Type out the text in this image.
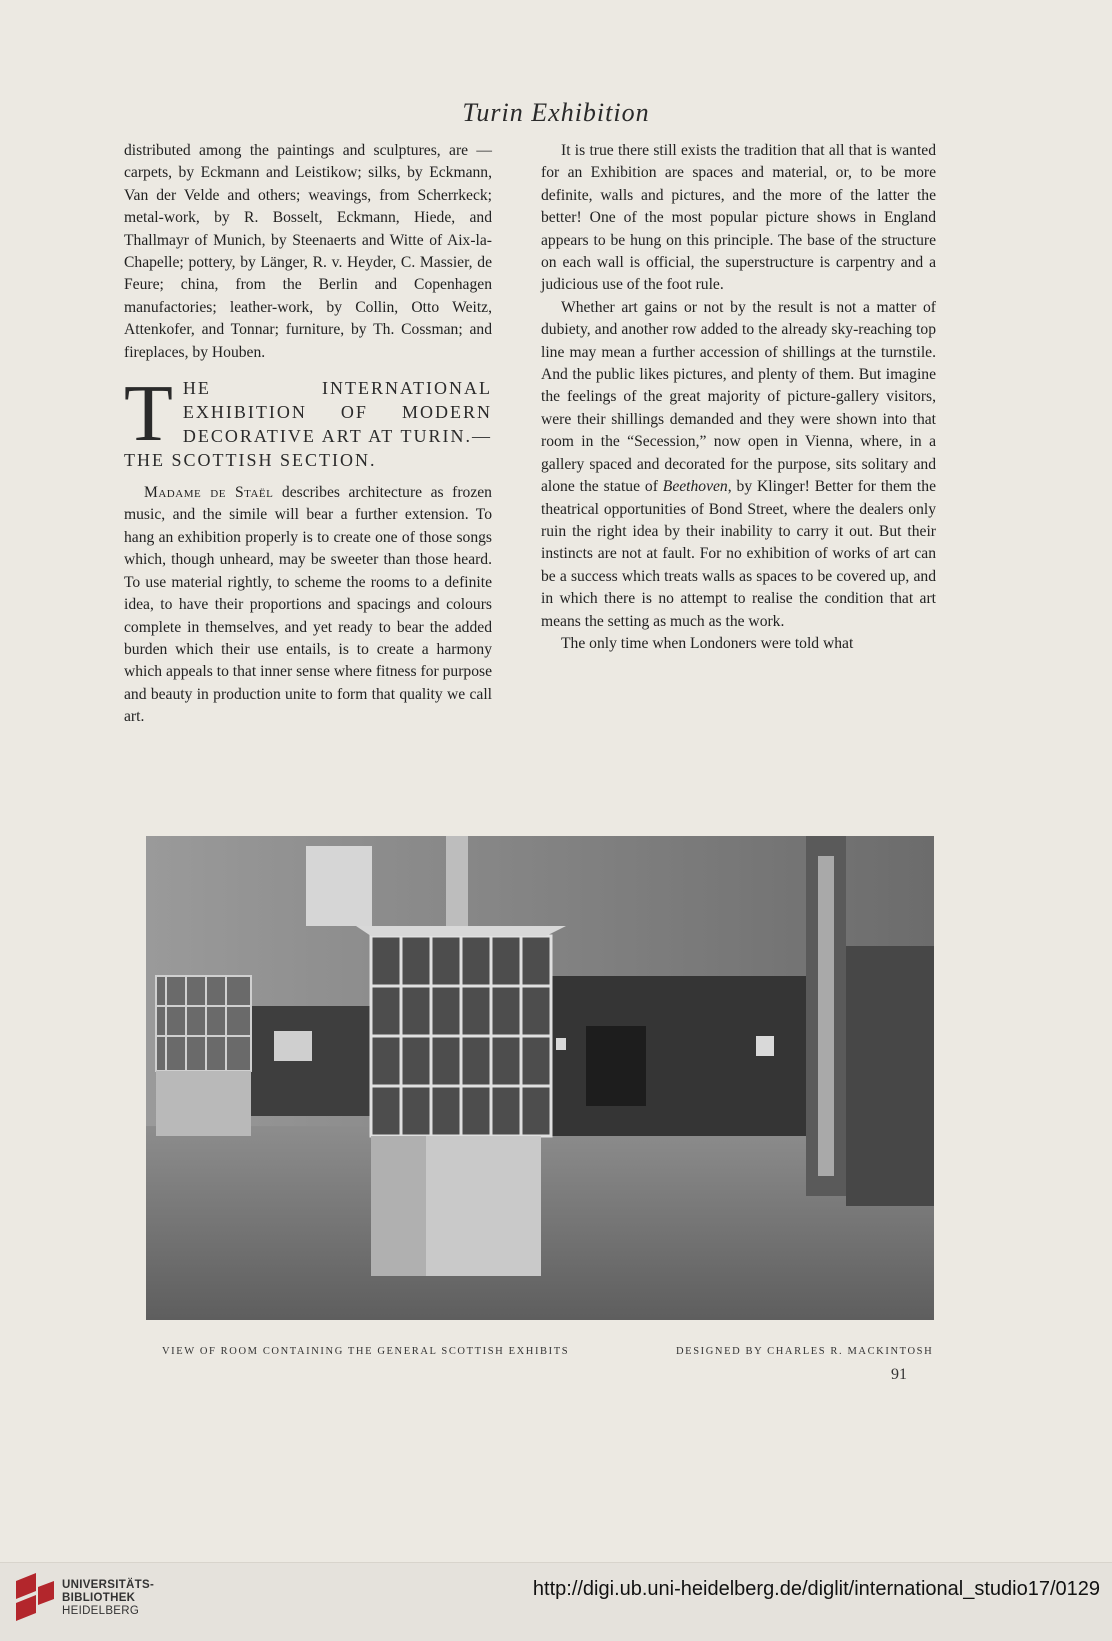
Turin Exhibition

distributed among the paintings and sculptures, are —carpets, by Eckmann and Leistikow; silks, by Eckmann, Van der Velde and others; weavings, from Scherrkeck; metal-work, by R. Bosselt, Eckmann, Hiede, and Thallmayr of Munich, by Steenaerts and Witte of Aix-la-Chapelle; pottery, by Länger, R. v. Heyder, C. Massier, de Feure; china, from the Berlin and Copenhagen manufactories; leather-work, by Collin, Otto Weitz, Attenkofer, and Tonnar; furniture, by Th. Cossman; and fireplaces, by Houben.

THE INTERNATIONAL EXHIBITION OF MODERN DECORATIVE ART AT TURIN.—THE SCOTTISH SECTION.

Madame de Staël describes architecture as frozen music, and the simile will bear a further extension. To hang an exhibition properly is to create one of those songs which, though unheard, may be sweeter than those heard. To use material rightly, to scheme the rooms to a definite idea, to have their proportions and spacings and colours complete in themselves, and yet ready to bear the added burden which their use entails, is to create a harmony which appeals to that inner sense where fitness for purpose and beauty in production unite to form that quality we call art.

It is true there still exists the tradition that all that is wanted for an Exhibition are spaces and material, or, to be more definite, walls and pictures, and the more of the latter the better! One of the most popular picture shows in England appears to be hung on this principle. The base of the structure on each wall is official, the superstructure is carpentry and a judicious use of the foot rule.

Whether art gains or not by the result is not a matter of dubiety, and another row added to the already sky-reaching top line may mean a further accession of shillings at the turnstile. And the public likes pictures, and plenty of them. But imagine the feelings of the great majority of picture-gallery visitors, were their shillings demanded and they were shown into that room in the “Secession,” now open in Vienna, where, in a gallery spaced and decorated for the purpose, sits solitary and alone the statue of Beethoven, by Klinger! Better for them the theatrical opportunities of Bond Street, where the dealers only ruin the right idea by their inability to carry it out. But their instincts are not at fault. For no exhibition of works of art can be a success which treats walls as spaces to be covered up, and in which there is no attempt to realise the condition that art means the setting as much as the work.

The only time when Londoners were told what

VIEW OF ROOM CONTAINING THE GENERAL SCOTTISH EXHIBITS	DESIGNED BY CHARLES R. MACKINTOSH
91
UNIVERSITÄTS-
BIBLIOTHEK
HEIDELBERG
http://digi.ub.uni-heidelberg.de/diglit/international_studio17/0129
